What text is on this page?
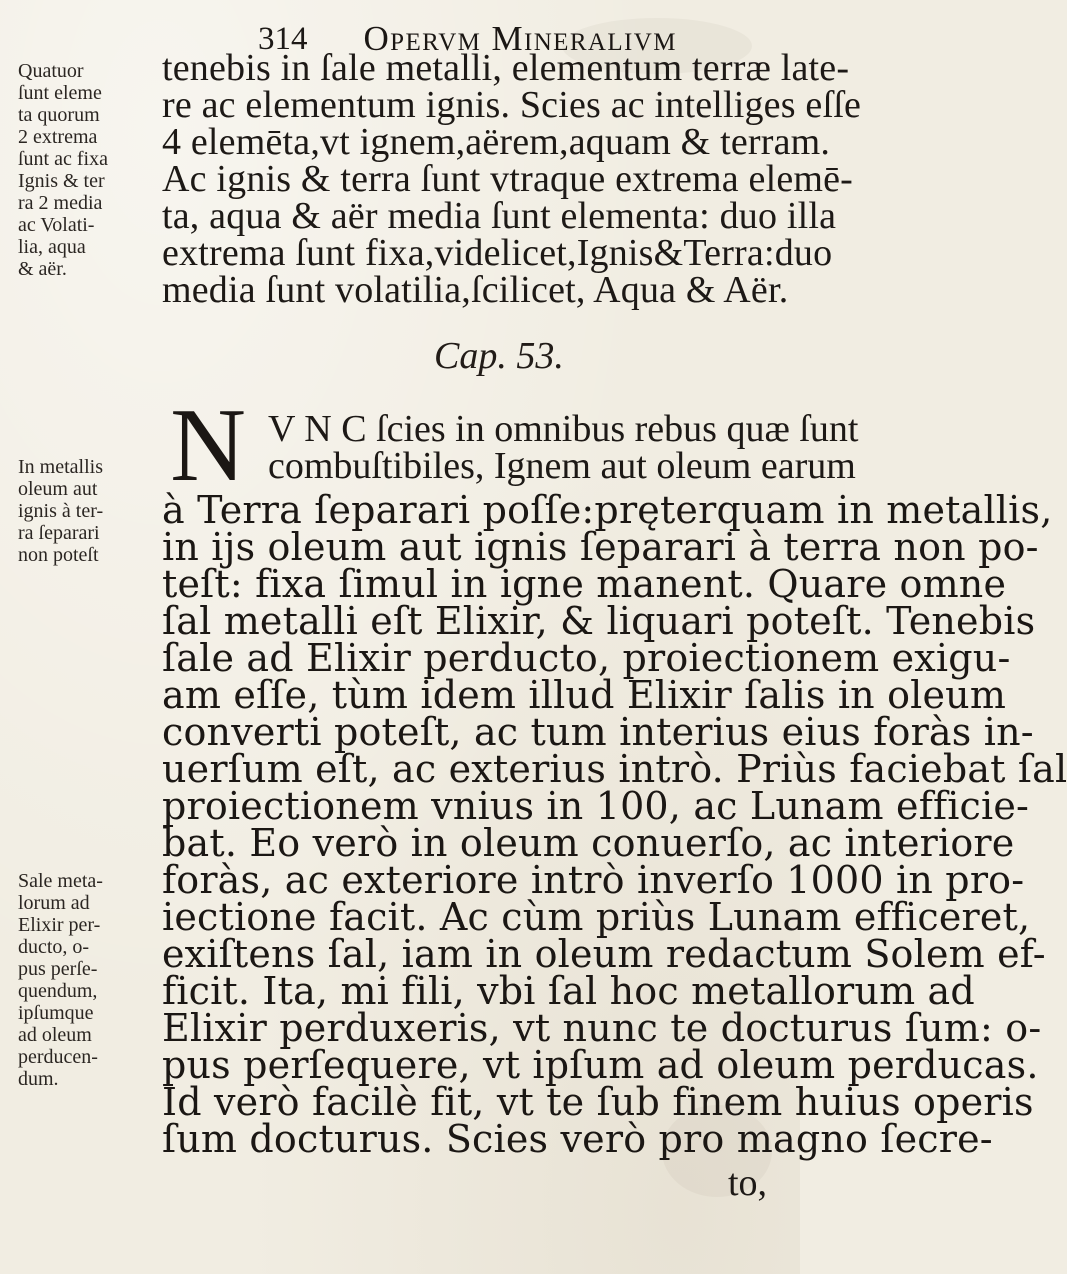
314 Opervm Mineralivm
Quatuor
ſunt eleme
ta quorum
2 extrema
ſunt ac fixa
Ignis & ter
ra 2 media
ac Volati-
lia, aqua
& aër.
In metallis
oleum aut
ignis à ter-
ra ſeparari
non poteſt
Sale meta-
lorum ad
Elixir per-
ducto, o-
pus perſe-
quendum,
ipſumque
ad oleum
perducen-
dum.
tenebis in ſale metalli, elementum terræ late-
re ac elementum ignis. Scies ac intelliges eſſe
4 elemēta,vt ignem,aërem,aquam & terram.
Ac ignis & terra ſunt vtraque extrema elemē-
ta, aqua & aër media ſunt elementa: duo illa
extrema ſunt fixa,videlicet,Ignis&Terra:duo
media ſunt volatilia,ſcilicet, Aqua & Aër.
Cap. 53.
N V N C ſcies in omnibus rebus quæ ſunt
combuſtibiles, Ignem aut oleum earum
à Terra ſeparari poſſe:pręterquam in metallis,
in ijs oleum aut ignis ſeparari à terra non po-
teſt: fixa ſimul in igne manent. Quare omne
ſal metalli eſt Elixir, & liquari poteſt. Tenebis
ſale ad Elixir perducto, proiectionem exigu-
am eſſe, tùm idem illud Elixir ſalis in oleum
converti poteſt, ac tum interius eius foràs in-
uerſum eſt, ac exterius intrò. Priùs faciebat ſal
proiectionem vnius in 100, ac Lunam efficie-
bat. Eo verò in oleum conuerſo, ac interiore
foràs, ac exteriore intrò inverſo 1000 in pro-
iectione facit. Ac cùm priùs Lunam efficeret,
exiſtens ſal, iam in oleum redactum Solem ef-
ficit. Ita, mi fili, vbi ſal hoc metallorum ad
Elixir perduxeris, vt nunc te docturus ſum: o-
pus perſequere, vt ipſum ad oleum perducas.
Id verò facilè fit, vt te ſub finem huius operis
ſum docturus. Scies verò pro magno ſecre-
to,
